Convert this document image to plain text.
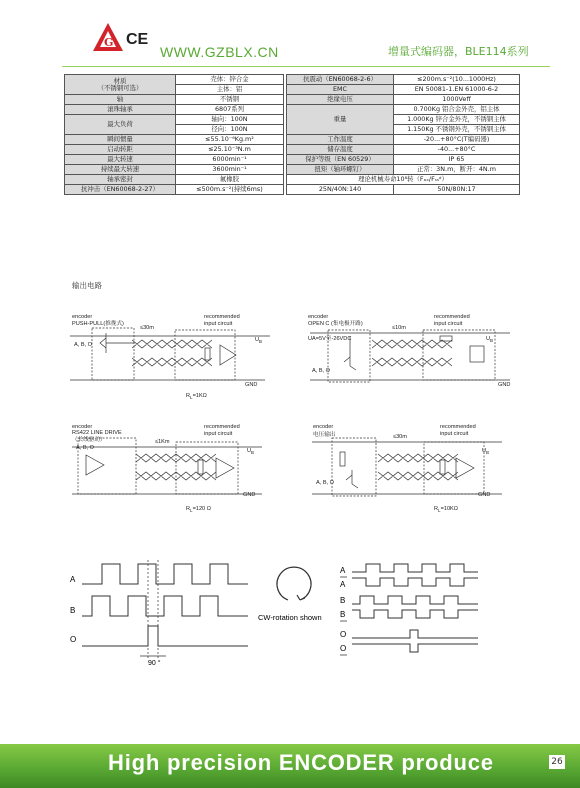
G CE
WWW.GZBLX.CN	增量式编码器，BLE114系列
材质
（不锈钢可选）	壳体：锌合金
	主体：铝
轴	不锈钢
滚珠轴承	6807系列
最大负荷	轴向：100N
	径向：100N
瞬间惯量	≤55.10⁻⁶Kg.m²
启动转距	≤25.10⁻³N.m
最大转速	6000min⁻¹
持续最大转速	3600min⁻¹
轴承密封	氟橡胶
抗冲击（EN60068-2-27）	≤500m.s⁻²(持续6ms)
抗震动（EN60068-2-6）	≤200m.s⁻²(10...1000Hz)
EMC	EN 50081-1.EN 61000-6-2
绝缘电压	1000Veff
重量	0.700Kg 铝合金外壳，铝主体
	1.000Kg 锌合金外壳，不锈钢主体
	1.150Kg 不锈钢外壳，不锈钢主体
工作温度	-20...+80°C(T编码器)
储存温度	-40...+80°C
保护等级（EN 60529）	IP 65
扭矩（轴环螺钉）	正常：3N.m，断开：4N.m
理论机械寿命10⁸转（Fₐₓ/Fᵣₐᵈ）	
25N/40N:140	50N/80N:17
输出电路
encoder
PUSH-PULL(推挽式)
≤30m
recommended
input circuit
A, B, O
$U_B$
GND
$R_L=1K\Omega$
encoder
OPEN C (集电极开路)
≤10m
recommended
input circuit
UA=5V至-26VDC
A, B, O
$U_B$
GND
encoder
RS422 LINE DRIVE
（长线驱动）	≤1Km
recommended
input circuit
A, B, O	$U_B$
GND
$R_L=120$ Ω
encoder
电压输出	≤30m
recommended
input circuit
A, B, O
$U_B$
GND
$R_L=10K\Omega$
A
B
O
90 °
CW-rotation shown
A
A
B
B
O
O
High precision ENCODER produce	26
